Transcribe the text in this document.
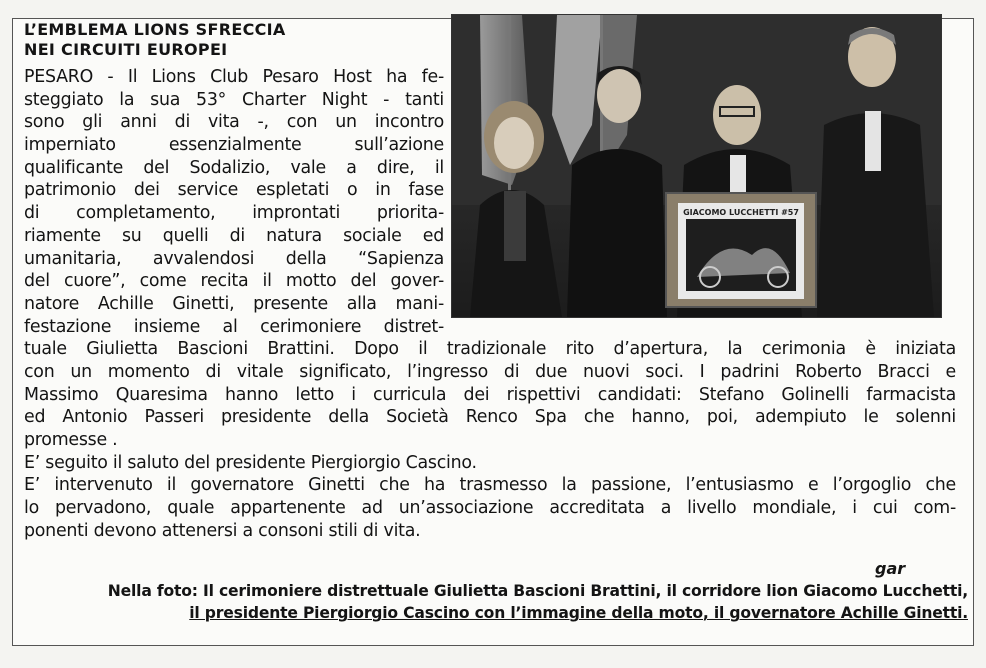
L’EMBLEMA LIONS SFRECCIA
NEI CIRCUITI EUROPEI
PESARO - Il Lions Club Pesaro Host ha fe-
steggiato la sua 53° Charter Night - tanti
sono gli anni di vita -, con un incontro
imperniato essenzialmente sull’azione
qualificante del Sodalizio, vale a dire, il
patrimonio dei service espletati o in fase
di completamento, improntati priorita-
riamente su quelli di natura sociale ed
umanitaria, avvalendosi della “Sapienza
del cuore”, come recita il motto del gover-
natore Achille Ginetti, presente alla mani-
festazione insieme al cerimoniere distret-
tuale Giulietta Bascioni Brattini. Dopo il tradizionale rito d’apertura, la cerimonia è iniziata
con un momento di vitale significato, l’ingresso di due nuovi soci. I padrini Roberto Bracci e
Massimo Quaresima hanno letto i curricula dei rispettivi candidati: Stefano Golinelli farmacista
ed Antonio Passeri presidente della Società Renco Spa che hanno, poi, adempiuto le solenni
promesse .
E’ seguito il saluto del presidente Piergiorgio Cascino.
E’ intervenuto il governatore Ginetti che ha trasmesso la passione, l’entusiasmo e l’orgoglio che
lo pervadono, quale appartenente ad un’associazione accreditata a livello mondiale, i cui com-
ponenti devono attenersi a consoni stili di vita.
gar
Nella foto: Il cerimoniere distrettuale Giulietta Bascioni Brattini, il corridore lion Giacomo Lucchetti,
il presidente Piergiorgio Cascino con l’immagine della moto, il governatore Achille Ginetti.
GIACOMO LUCCHETTI #57
